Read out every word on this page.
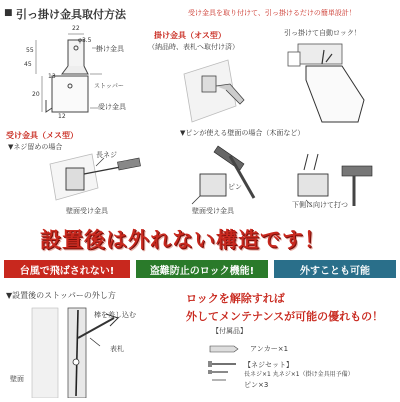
■ 引っ掛け金具取付方法	受け金具を取り付けて、引っ掛けるだけの簡単設計！
22
φ3.5
55
45
13
20
12
掛け金具
ストッパー
受け金具
掛け金具（オス型）
（納品時、表札へ取付け済）
引っ掛けて自動ロック！
受け金具（メス型）
▼ネジ留めの場合
長ネジ
壁面受け金具
▼ピンが使える壁面の場合（木面など）
ピン
壁面受け金具
下側に向けて打つ
設置後は外れない構造です！
台風で飛ばされない!	盗難防止のロック機能!	外すことも可能
▼設置後のストッパーの外し方
棒を差し込む
表札
壁面
ロックを解除すれば
外してメンテナンスが可能の優れもの！
【付属品】
アンカー×1
【ネジセット】
長ネジ×1 丸ネジ×1（掛け金具用予備）
ピン×3
